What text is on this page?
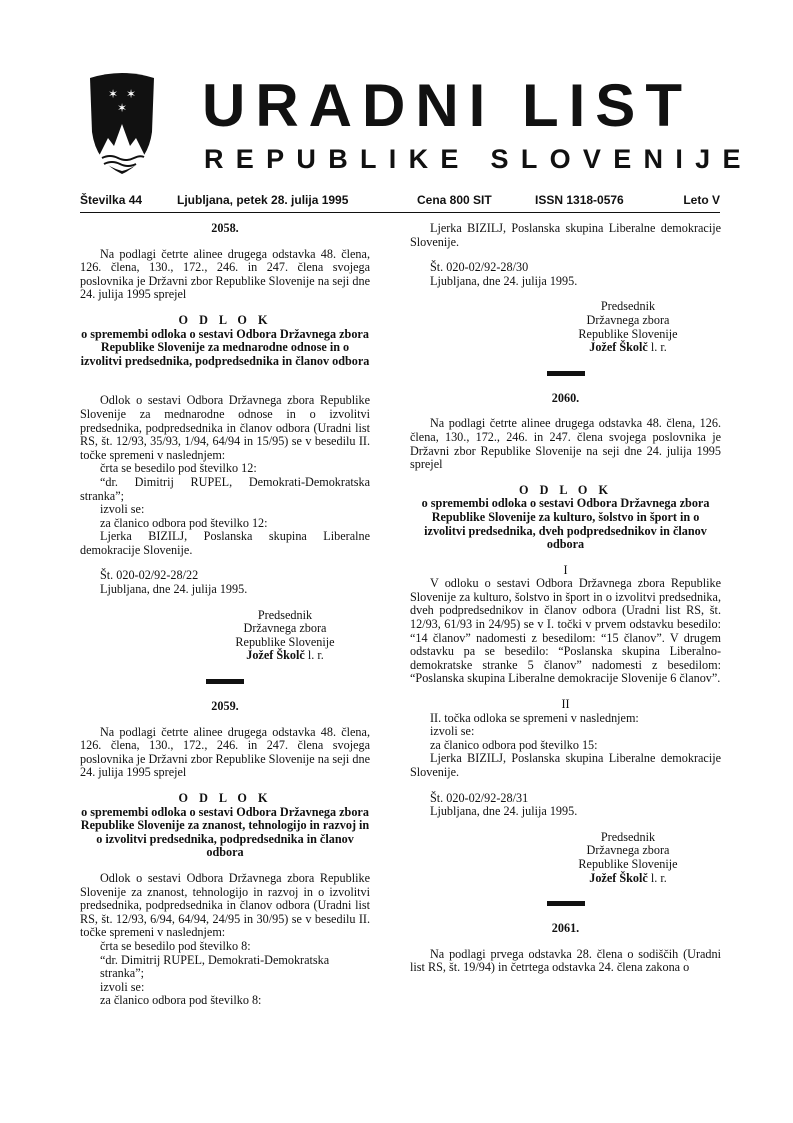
✶ ✶
✶ URADNI LIST
REPUBLIKE SLOVENIJE
Številka 44	Ljubljana, petek 28. julija 1995	Cena 800 SIT	ISSN 1318-0576	Leto V

2058.

Na podlagi četrte alinee drugega odstavka 48. člena, 126. člena, 130., 172., 246. in 247. člena svojega poslovnika je Državni zbor Republike Slovenije na seji dne 24. julija 1995 sprejel

O D L O K

o spremembi odloka o sestavi Odbora Državnega zbora Republike Slovenije za mednarodne odnose in o izvolitvi predsednika, podpredsednika in članov odbora

Odlok o sestavi Odbora Državnega zbora Republike Slovenije za mednarodne odnose in o izvolitvi predsednika, podpredsednika in članov odbora (Uradni list RS, št. 12/93, 35/93, 1/94, 64/94 in 15/95) se v besedilu II. točke spremeni v naslednjem:

črta se besedilo pod številko 12:

“dr. Dimitrij RUPEL, Demokrati-Demokratska stranka”;

izvoli se:

za članico odbora pod številko 12:

Ljerka BIZILJ, Poslanska skupina Liberalne demokracije Slovenije.

Št. 020-02/92-28/22

Ljubljana, dne 24. julija 1995.

Predsednik

Državnega zbora

Republike Slovenije

Jožef Školč l. r.

2059.

Na podlagi četrte alinee drugega odstavka 48. člena, 126. člena, 130., 172., 246. in 247. člena svojega poslovnika je Državni zbor Republike Slovenije na seji dne 24. julija 1995 sprejel

O D L O K

o spremembi odloka o sestavi Odbora Državnega zbora Republike Slovenije za znanost, tehnologijo in razvoj in o izvolitvi predsednika, podpredsednika in članov odbora

Odlok o sestavi Odbora Državnega zbora Republike Slovenije za znanost, tehnologijo in razvoj in o izvolitvi predsednika, podpredsednika in članov odbora (Uradni list RS, št. 12/93, 6/94, 64/94, 24/95 in 30/95) se v besedilu II. točke spremeni v naslednjem:

črta se besedilo pod številko 8:

“dr. Dimitrij RUPEL, Demokrati-Demokratska stranka”;

izvoli se:

za članico odbora pod številko 8:

Ljerka BIZILJ, Poslanska skupina Liberalne demokracije Slovenije.

Št. 020-02/92-28/30

Ljubljana, dne 24. julija 1995.

Predsednik

Državnega zbora

Republike Slovenije

Jožef Školč l. r.

2060.

Na podlagi četrte alinee drugega odstavka 48. člena, 126. člena, 130., 172., 246. in 247. člena svojega poslovnika je Državni zbor Republike Slovenije na seji dne 24. julija 1995 sprejel

O D L O K

o spremembi odloka o sestavi Odbora Državnega zbora Republike Slovenije za kulturo, šolstvo in šport in o izvolitvi predsednika, dveh podpredsednikov in članov odbora

I

V odloku o sestavi Odbora Državnega zbora Republike Slovenije za kulturo, šolstvo in šport in o izvolitvi predsednika, dveh podpredsednikov in članov odbora (Uradni list RS, št. 12/93, 61/93 in 24/95) se v I. točki v prvem odstavku besedilo: “14 članov” nadomesti z besedilom: “15 članov”. V drugem odstavku pa se besedilo: “Poslanska skupina Liberalno-demokratske stranke 5 članov” nadomesti z besedilom: “Poslanska skupina Liberalne demokracije Slovenije 6 članov”.

II

II. točka odloka se spremeni v naslednjem:

izvoli se:

za članico odbora pod številko 15:

Ljerka BIZILJ, Poslanska skupina Liberalne demokracije Slovenije.

Št. 020-02/92-28/31

Ljubljana, dne 24. julija 1995.

Predsednik

Državnega zbora

Republike Slovenije

Jožef Školč l. r.

2061.

Na podlagi prvega odstavka 28. člena o sodiščih (Uradni list RS, št. 19/94) in četrtega odstavka 24. člena zakona o
